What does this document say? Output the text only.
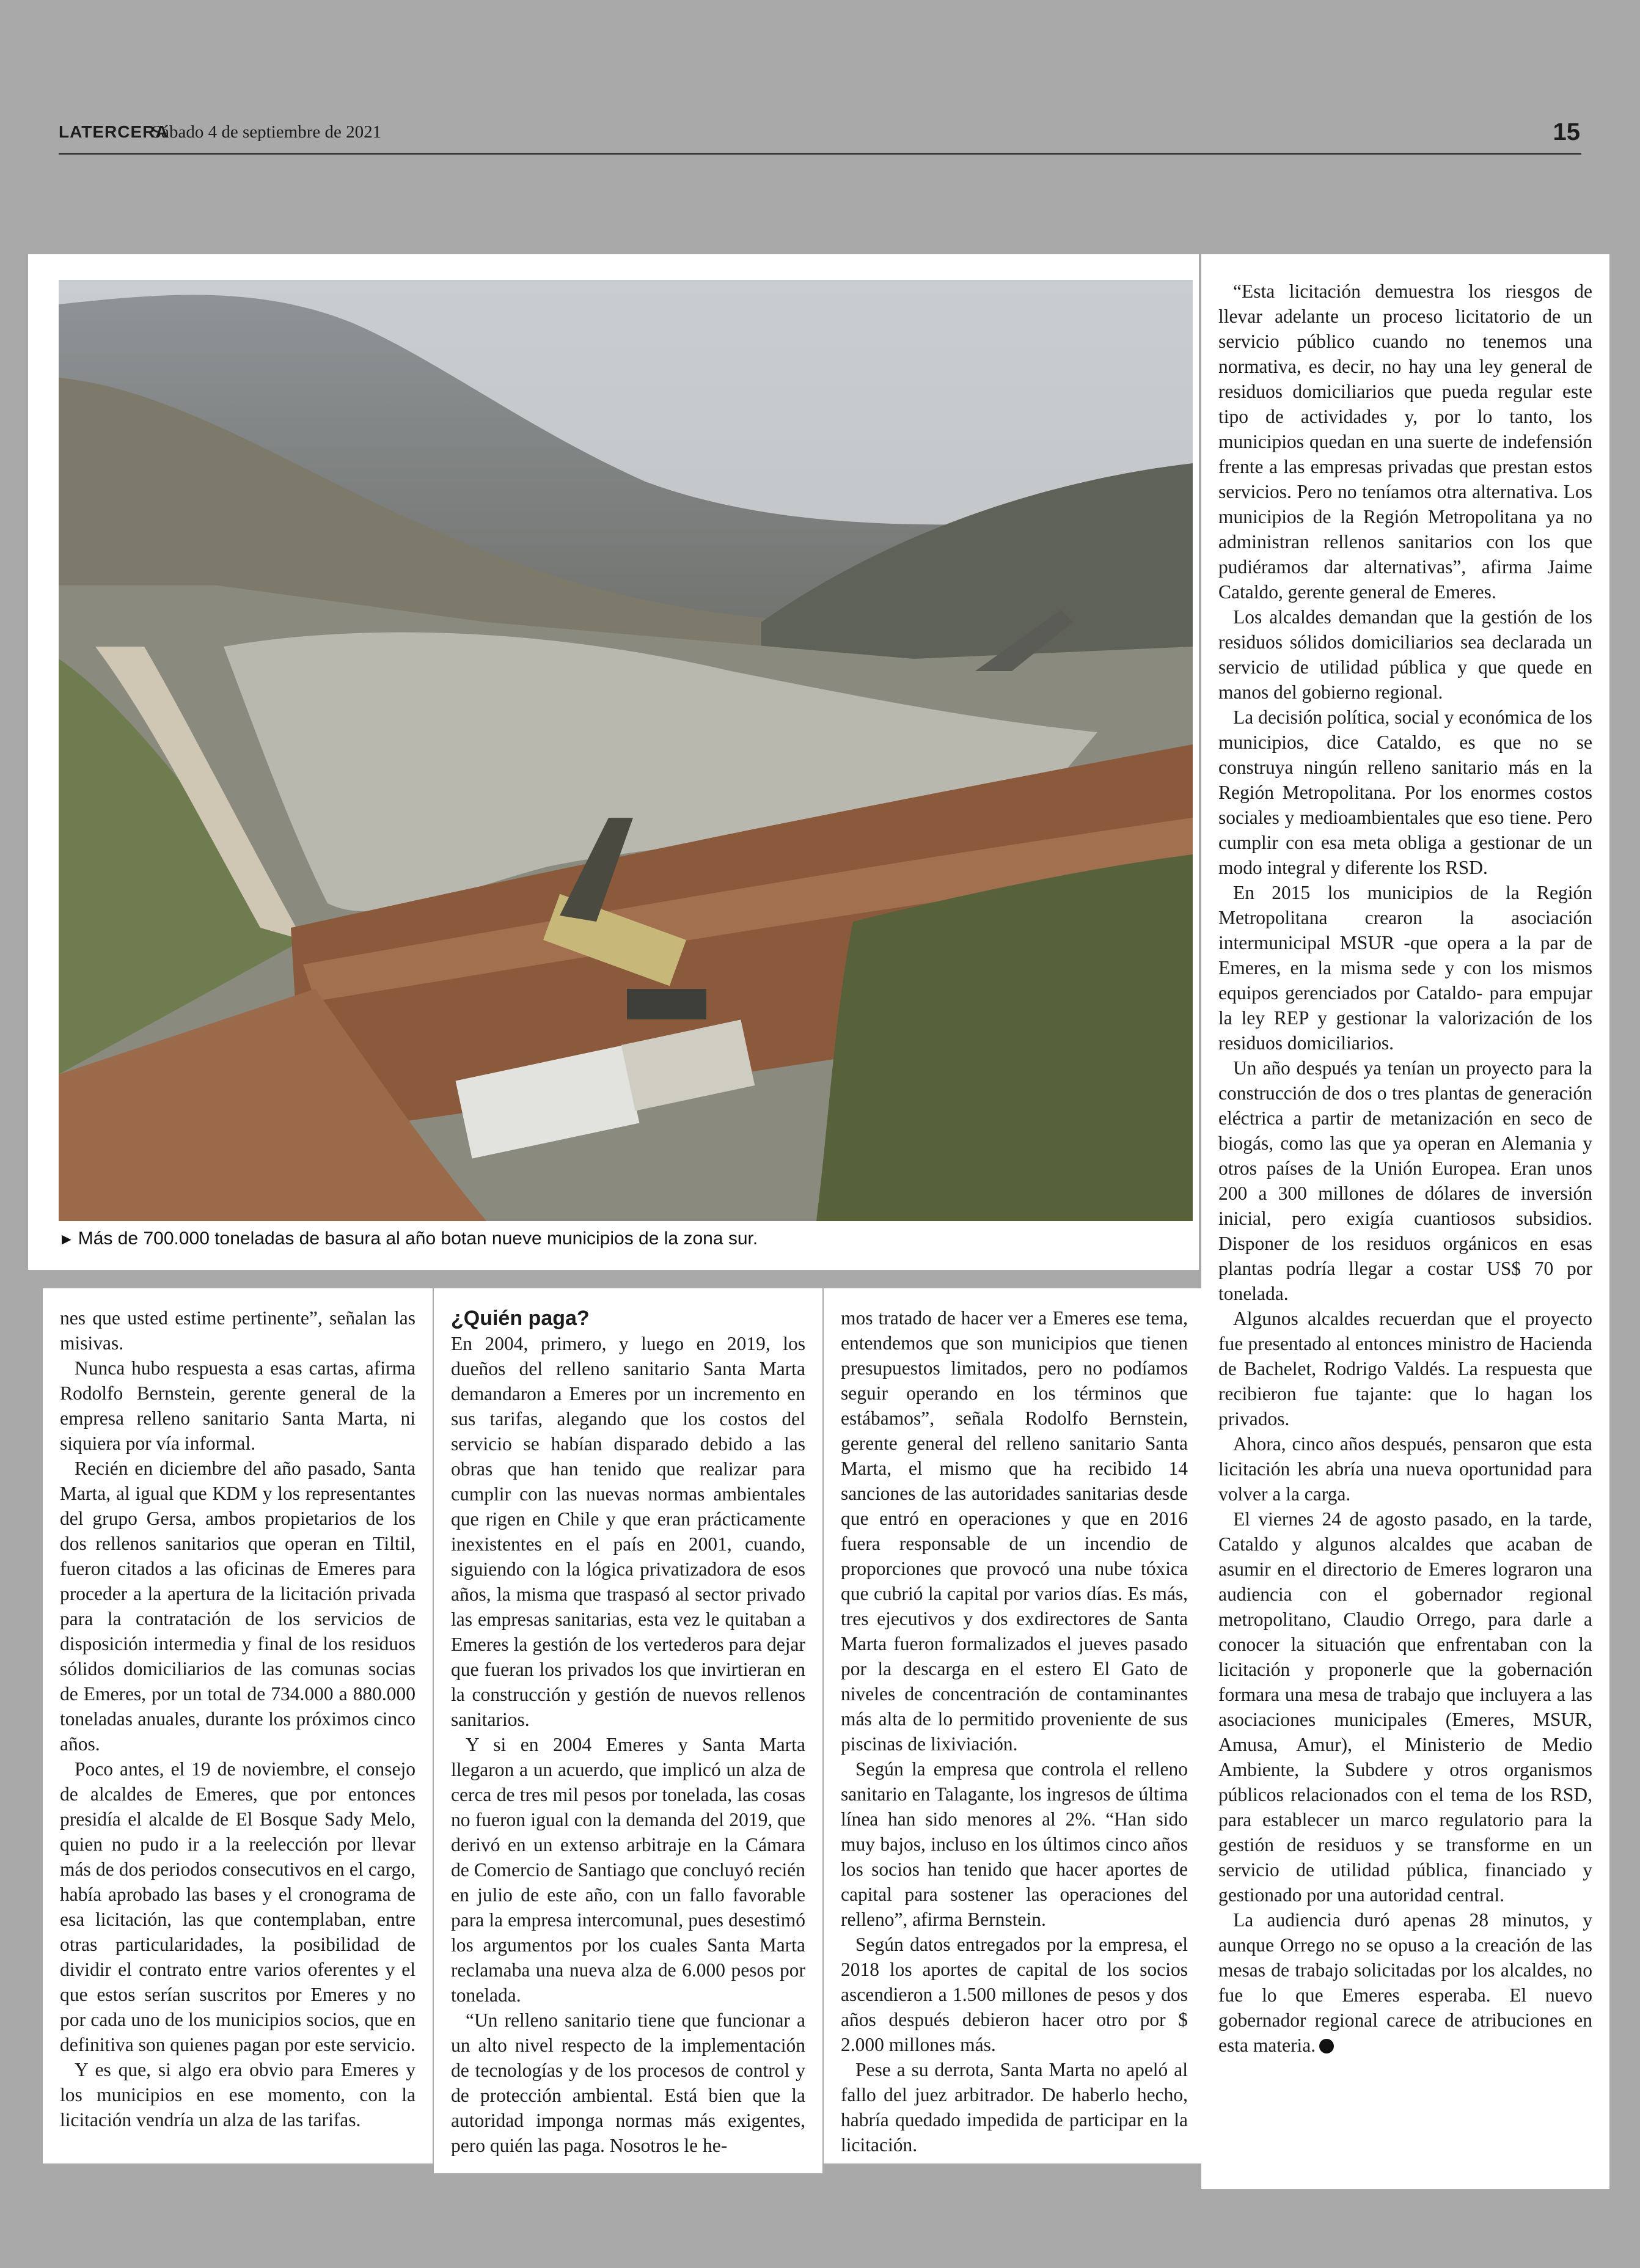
LATERCERA
Sábado 4 de septiembre de 2021	15
► Más de 700.000 toneladas de basura al año botan nueve municipios de la zona sur.

nes que usted estime pertinente”, señalan las misivas.

Nunca hubo respuesta a esas cartas, afirma Rodolfo Bernstein, gerente general de la empresa relleno sanitario Santa Marta, ni siquiera por vía informal.

Recién en diciembre del año pasado, Santa Marta, al igual que KDM y los representantes del grupo Gersa, ambos propietarios de los dos rellenos sanitarios que operan en Tiltil, fueron citados a las oficinas de Emeres para proceder a la apertura de la licitación privada para la contratación de los servicios de disposición intermedia y final de los residuos sólidos domiciliarios de las comunas socias de Emeres, por un total de 734.000 a 880.000 toneladas anuales, durante los próximos cinco años.

Poco antes, el 19 de noviembre, el consejo de alcaldes de Emeres, que por entonces presidía el alcalde de El Bosque Sady Melo, quien no pudo ir a la reelección por llevar más de dos periodos consecutivos en el cargo, había aprobado las bases y el cronograma de esa licitación, las que contemplaban, entre otras particularidades, la posibilidad de dividir el contrato entre varios oferentes y el que estos serían suscritos por Emeres y no por cada uno de los municipios socios, que en definitiva son quienes pagan por este servicio.

Y es que, si algo era obvio para Emeres y los municipios en ese momento, con la licitación vendría un alza de las tarifas.

¿Quién paga?

En 2004, primero, y luego en 2019, los dueños del relleno sanitario Santa Marta demandaron a Emeres por un incremento en sus tarifas, alegando que los costos del servicio se habían disparado debido a las obras que han tenido que realizar para cumplir con las nuevas normas ambientales que rigen en Chile y que eran prácticamente inexistentes en el país en 2001, cuando, siguiendo con la lógica privatizadora de esos años, la misma que traspasó al sector privado las empresas sanitarias, esta vez le quitaban a Emeres la gestión de los vertederos para dejar que fueran los privados los que invirtieran en la construcción y gestión de nuevos rellenos sanitarios.

Y si en 2004 Emeres y Santa Marta llegaron a un acuerdo, que implicó un alza de cerca de tres mil pesos por tonelada, las cosas no fueron igual con la demanda del 2019, que derivó en un extenso arbitraje en la Cámara de Comercio de Santiago que concluyó recién en julio de este año, con un fallo favorable para la empresa intercomunal, pues desestimó los argumentos por los cuales Santa Marta reclamaba una nueva alza de 6.000 pesos por tonelada.

“Un relleno sanitario tiene que funcionar a un alto nivel respecto de la implementación de tecnologías y de los procesos de control y de protección ambiental. Está bien que la autoridad imponga normas más exigentes, pero quién las paga. Nosotros le he-

mos tratado de hacer ver a Emeres ese tema, entendemos que son municipios que tienen presupuestos limitados, pero no podíamos seguir operando en los términos que estábamos”, señala Rodolfo Bernstein, gerente general del relleno sanitario Santa Marta, el mismo que ha recibido 14 sanciones de las autoridades sanitarias desde que entró en operaciones y que en 2016 fuera responsable de un incendio de proporciones que provocó una nube tóxica que cubrió la capital por varios días. Es más, tres ejecutivos y dos exdirectores de Santa Marta fueron formalizados el jueves pasado por la descarga en el estero El Gato de niveles de concentración de contaminantes más alta de lo permitido proveniente de sus piscinas de lixiviación.

Según la empresa que controla el relleno sanitario en Talagante, los ingresos de última línea han sido menores al 2%. “Han sido muy bajos, incluso en los últimos cinco años los socios han tenido que hacer aportes de capital para sostener las operaciones del relleno”, afirma Bernstein.

Según datos entregados por la empresa, el 2018 los aportes de capital de los socios ascendieron a 1.500 millones de pesos y dos años después debieron hacer otro por $ 2.000 millones más.

Pese a su derrota, Santa Marta no apeló al fallo del juez arbitrador. De haberlo hecho, habría quedado impedida de participar en la licitación.

“Esta licitación demuestra los riesgos de llevar adelante un proceso licitatorio de un servicio público cuando no tenemos una normativa, es decir, no hay una ley general de residuos domiciliarios que pueda regular este tipo de actividades y, por lo tanto, los municipios quedan en una suerte de indefensión frente a las empresas privadas que prestan estos servicios. Pero no teníamos otra alternativa. Los municipios de la Región Metropolitana ya no administran rellenos sanitarios con los que pudiéramos dar alternativas”, afirma Jaime Cataldo, gerente general de Emeres.

Los alcaldes demandan que la gestión de los residuos sólidos domiciliarios sea declarada un servicio de utilidad pública y que quede en manos del gobierno regional.

La decisión política, social y económica de los municipios, dice Cataldo, es que no se construya ningún relleno sanitario más en la Región Metropolitana. Por los enormes costos sociales y medioambientales que eso tiene. Pero cumplir con esa meta obliga a gestionar de un modo integral y diferente los RSD.

En 2015 los municipios de la Región Metropolitana crearon la asociación intermunicipal MSUR -que opera a la par de Emeres, en la misma sede y con los mismos equipos gerenciados por Cataldo- para empujar la ley REP y gestionar la valorización de los residuos domiciliarios.

Un año después ya tenían un proyecto para la construcción de dos o tres plantas de generación eléctrica a partir de metanización en seco de biogás, como las que ya operan en Alemania y otros países de la Unión Europea. Eran unos 200 a 300 millones de dólares de inversión inicial, pero exigía cuantiosos subsidios. Disponer de los residuos orgánicos en esas plantas podría llegar a costar US$ 70 por tonelada.

Algunos alcaldes recuerdan que el proyecto fue presentado al entonces ministro de Hacienda de Bachelet, Rodrigo Valdés. La respuesta que recibieron fue tajante: que lo hagan los privados.

Ahora, cinco años después, pensaron que esta licitación les abría una nueva oportunidad para volver a la carga.

El viernes 24 de agosto pasado, en la tarde, Cataldo y algunos alcaldes que acaban de asumir en el directorio de Emeres lograron una audiencia con el gobernador regional metropolitano, Claudio Orrego, para darle a conocer la situación que enfrentaban con la licitación y proponerle que la gobernación formara una mesa de trabajo que incluyera a las asociaciones municipales (Emeres, MSUR, Amusa, Amur), el Ministerio de Medio Ambiente, la Subdere y otros organismos públicos relacionados con el tema de los RSD, para establecer un marco regulatorio para la gestión de residuos y se transforme en un servicio de utilidad pública, financiado y gestionado por una autoridad central.

La audiencia duró apenas 28 minutos, y aunque Orrego no se opuso a la creación de las mesas de trabajo solicitadas por los alcaldes, no fue lo que Emeres esperaba. El nuevo gobernador regional carece de atribuciones en esta materia.
